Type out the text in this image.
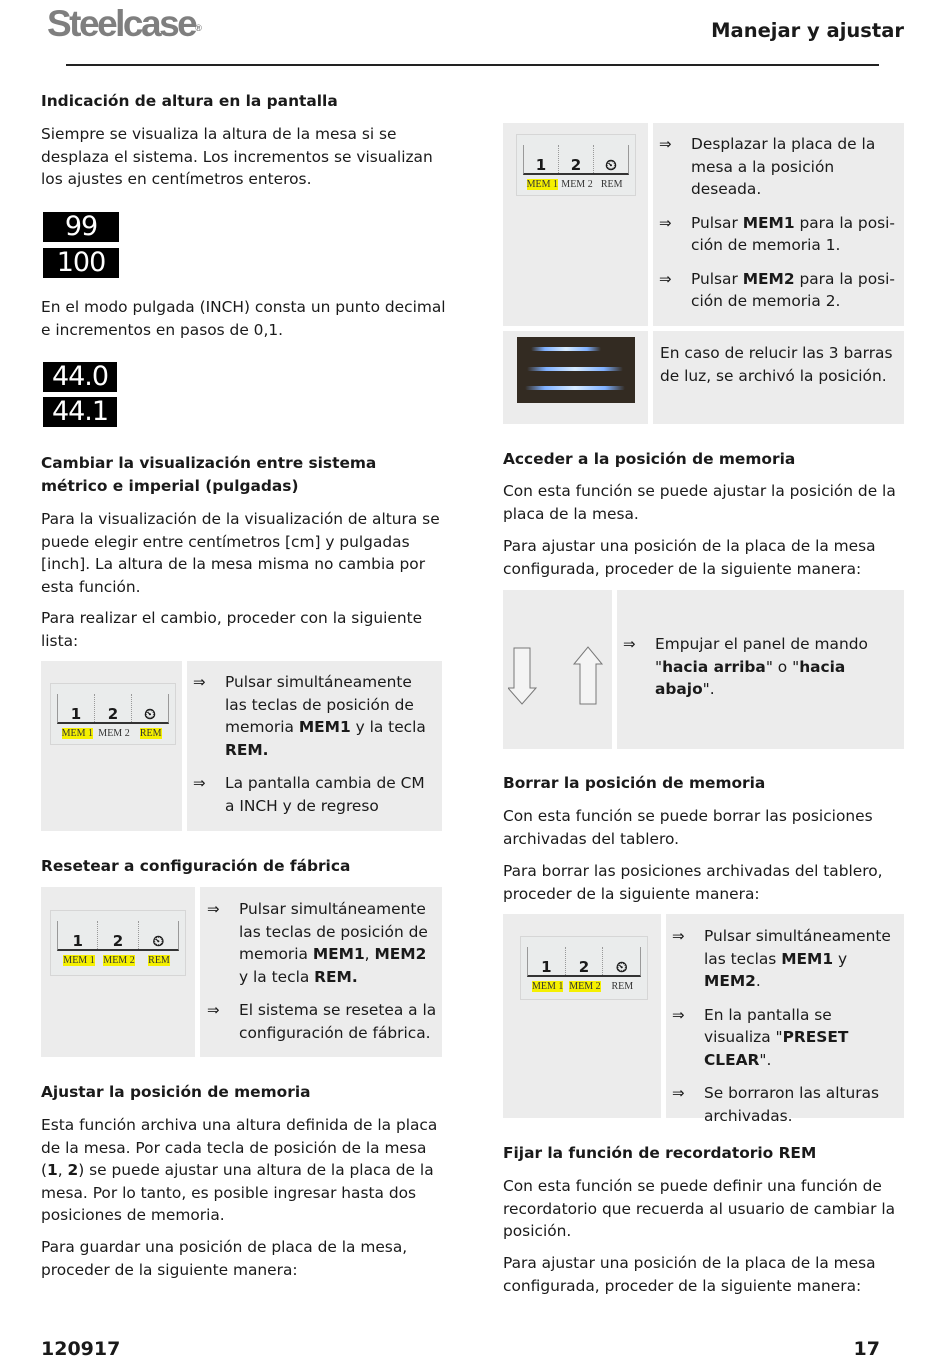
Steelcase®	Manejar y ajustar
Indicación de altura en la pantalla

Siempre se visualiza la altura de la mesa si se desplaza el sistema. Los incrementos se visualizan los ajustes en centímetros enteros.

99
100

En el modo pulgada (INCH) consta un punto decimal e incrementos en pasos de 0,1.

44.0
44.1
Cambiar la visualización entre sistema métrico e imperial (pulgadas)

Para la visualización de la visualización de altura se puede elegir entre centímetros [cm] y pulgadas [inch]. La altura de la mesa misma no cambia por esta función.

Para realizar el cambio, proceder con la siguiente lista:

1	2	⏲
MEM 1 MEM 2	REM
⇒	Pulsar simultáneamente las teclas de posición de memoria MEM1 y la tecla REM.
⇒	La pantalla cambia de CM a INCH y de regreso
Resetear a configuración de fábrica
1	2	⏲
MEM 1 MEM 2	REM
⇒	Pulsar simultáneamente las teclas de posición de memoria MEM1, MEM2 y la tecla REM.
⇒	El sistema se resetea a la configuración de fábrica.
Ajustar la posición de memoria

Esta función archiva una altura definida de la placa de la mesa. Por cada tecla de posición de la mesa (1, 2) se puede ajustar una altura de la placa de la mesa. Por lo tanto, es posible ingresar hasta dos posiciones de memoria.

Para guardar una posición de placa de la mesa, proceder de la siguiente manera:

1	2	⏲
MEM 1 MEM 2 REM
⇒	Desplazar la placa de la mesa a la posición deseada.
⇒	Pulsar MEM1 para la posición de memoria 1.
⇒	Pulsar MEM2 para la posición de memoria 2.

En caso de relucir las 3 barras de luz, se archivó la posición.

Acceder a la posición de memoria

Con esta función se puede ajustar la posición de la placa de la mesa.

Para ajustar una posición de la placa de la mesa configurada, proceder de la siguiente manera:

⇒	Empujar el panel de mando "hacia arriba" o "hacia abajo".
Borrar la posición de memoria

Con esta función se puede borrar las posiciones archivadas del tablero.

Para borrar las posiciones archivadas del tablero, proceder de la siguiente manera:

1	2	⏲
MEM 1 MEM 2	REM
⇒	Pulsar simultáneamente las teclas MEM1 y MEM2.
⇒	En la pantalla se visualiza "PRESET CLEAR".
⇒	Se borraron las alturas archivadas.
Fijar la función de recordatorio REM

Con esta función se puede definir una función de recordatorio que recuerda al usuario de cambiar la posición.

Para ajustar una posición de la placa de la mesa configurada, proceder de la siguiente manera:

120917	17
